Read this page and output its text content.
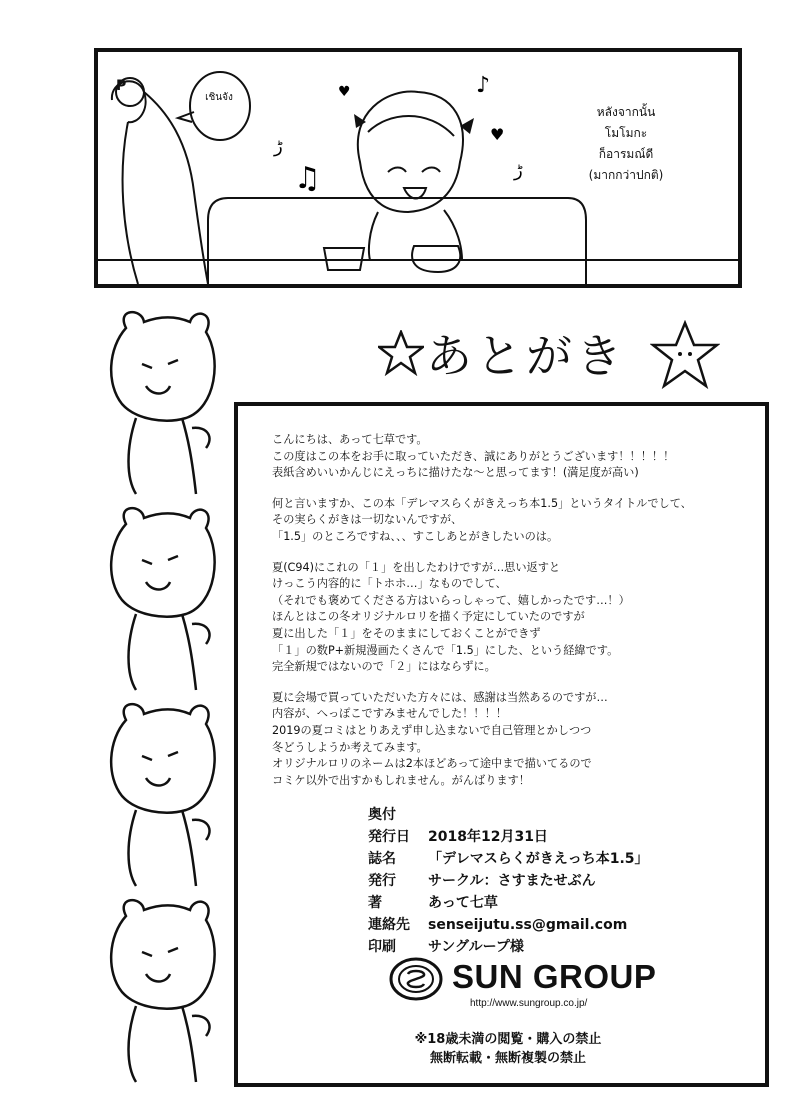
♫
♪
♥
♥
ڑ
ڑ
P
เชินจัง
หลังจากนั้น
โมโมกะ
ก็อารมณ์ดี
(มากกว่าปกติ)
あとがき

こんにちは、あって七草です。
この度はこの本をお手に取っていただき、誠にありがとうございます！！！！！
表紙含めいいかんじにえっちに描けたな～と思ってます！(満足度が高い)

何と言いますか、この本「デレマスらくがきえっち本1.5」というタイトルでして、
その実らくがきは一切ないんですが、
「1.5」のところですね、、、すこしあとがきしたいのは。

夏(C94)にこれの「１」を出したわけですが…思い返すと
けっこう内容的に「トホホ…」なものでして、
（それでも褒めてくださる方はいらっしゃって、嬉しかったです…！）
ほんとはこの冬オリジナルロリを描く予定にしていたのですが
夏に出した「１」をそのままにしておくことができず
「１」の数P+新規漫画たくさんで「1.5」にした、という経緯です。
完全新規ではないので「２」にはならずに。

夏に会場で買っていただいた方々には、感謝は当然あるのですが…
内容が、へっぽこですみませんでした！！！！
2019の夏コミはとりあえず申し込まないで自己管理とかしつつ
冬どうしようか考えてみます。
オリジナルロリのネームは2本ほどあって途中まで描いてるので
コミケ以外で出すかもしれません。がんばります！

奥付
発行日 2018年12月31日
誌名 「デレマスらくがきえっち本1.5」
発行 サークル：さすまたせぶん
著	あって七草
連絡先 senseijutu.ss@gmail.com
印刷 サングループ様
SUN GROUP
http://www.sungroup.co.jp/
※18歳未満の閲覧・購入の禁止
無断転載・無断複製の禁止
